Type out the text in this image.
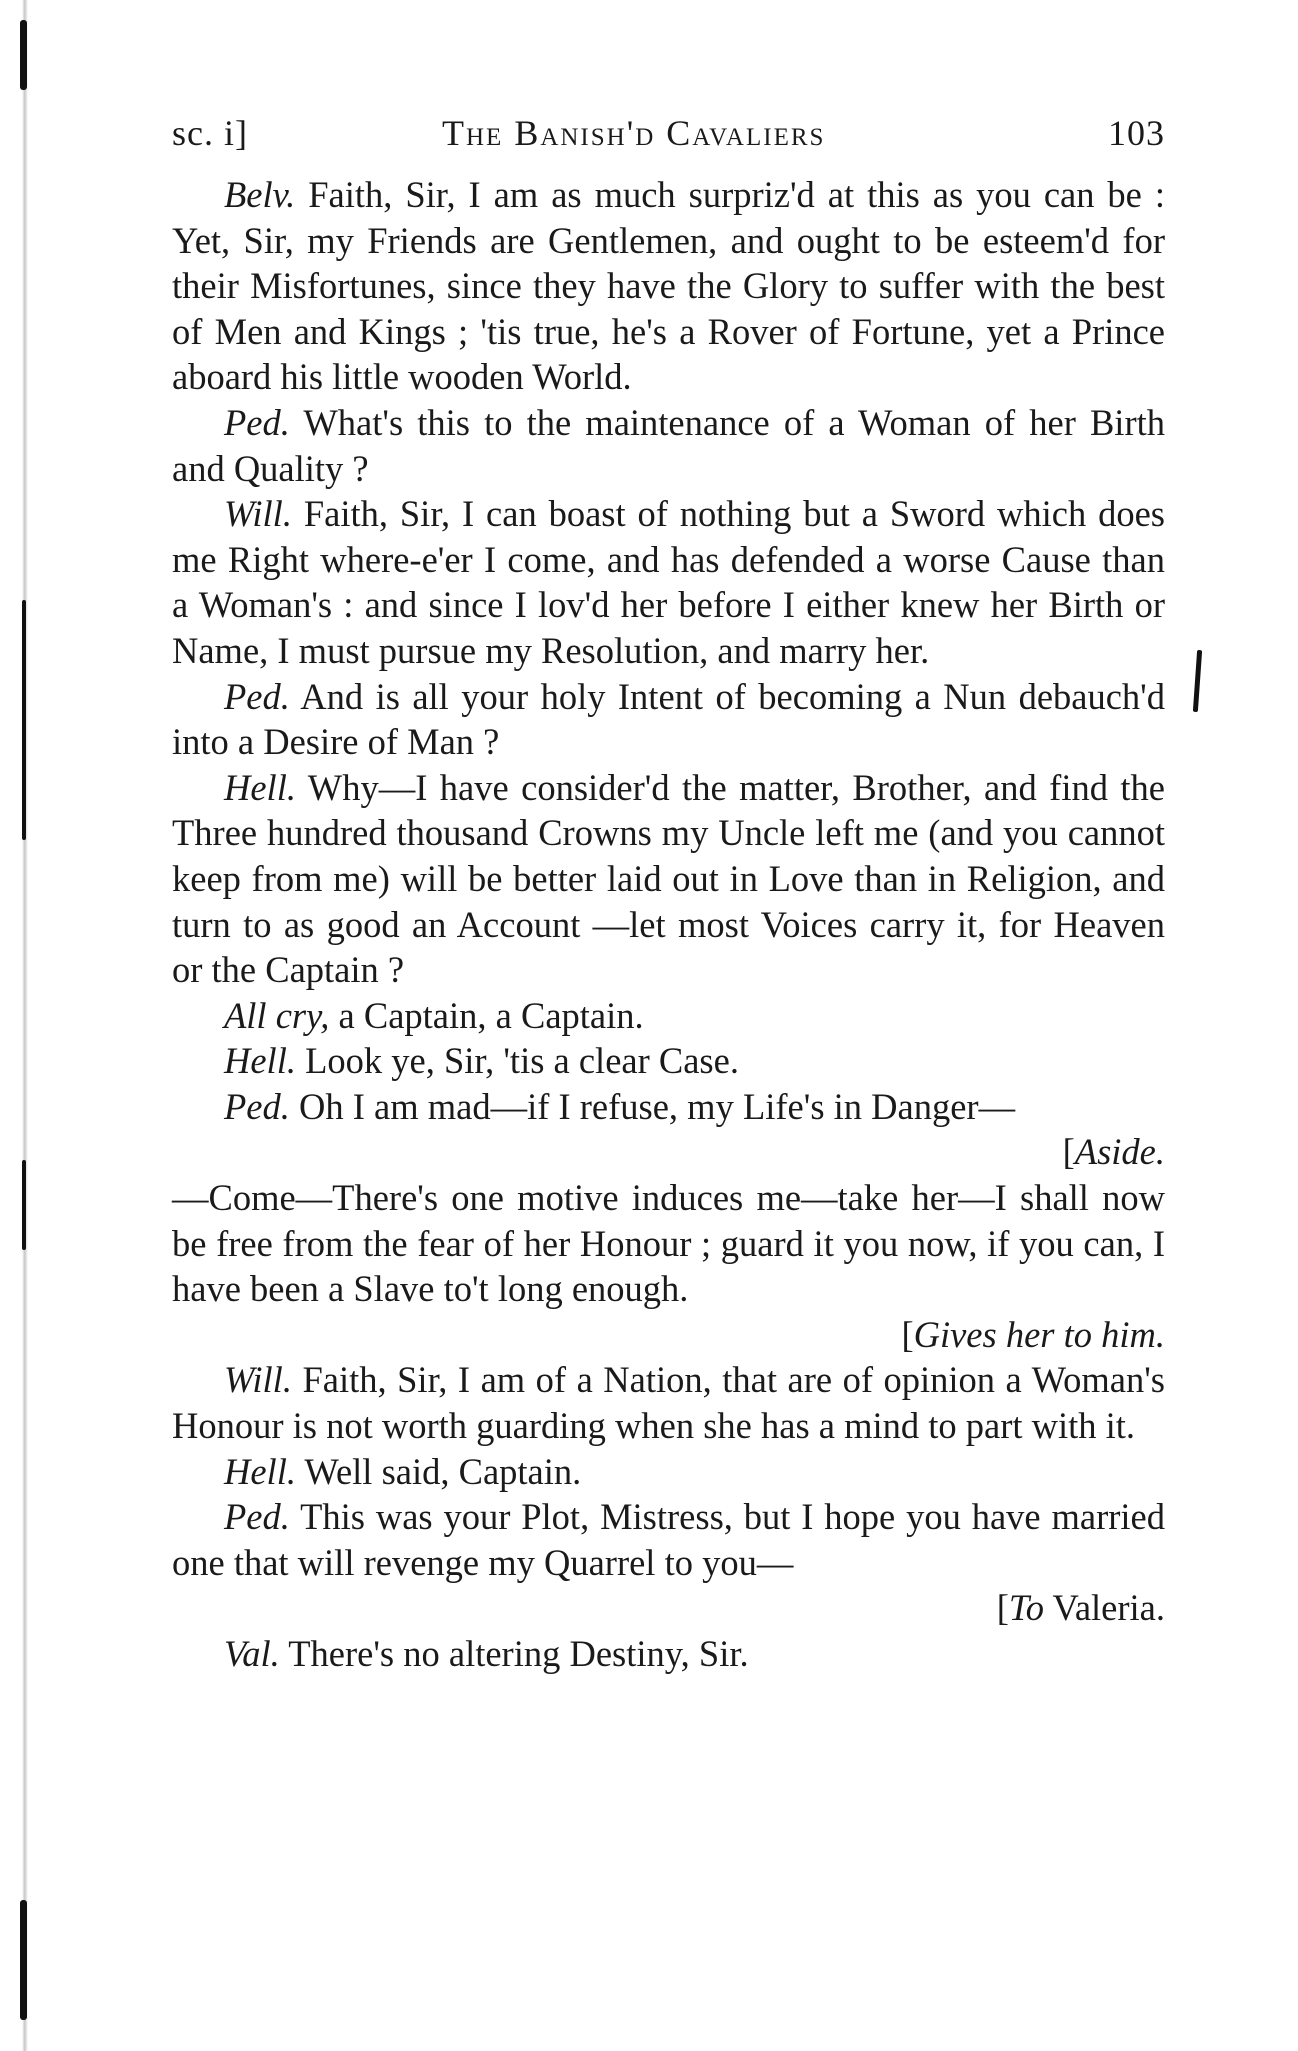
sc. i]	The Banish'd Cavaliers	103

Belv. Faith, Sir, I am as much surpriz'd at this as you can be : Yet, Sir, my Friends are Gentlemen, and ought to be esteem'd for their Misfortunes, since they have the Glory to suffer with the best of Men and Kings ; 'tis true, he's a Rover of Fortune, yet a Prince aboard his little wooden World.

Ped. What's this to the maintenance of a Woman of her Birth and Quality ?

Will. Faith, Sir, I can boast of nothing but a Sword which does me Right where-e'er I come, and has defended a worse Cause than a Woman's : and since I lov'd her before I either knew her Birth or Name, I must pursue my Resolution, and marry her.

Ped. And is all your holy Intent of becoming a Nun debauch'd into a Desire of Man ?

Hell. Why—I have consider'd the matter, Brother, and find the Three hundred thousand Crowns my Uncle left me (and you cannot keep from me) will be better laid out in Love than in Religion, and turn to as good an Account —let most Voices carry it, for Heaven or the Captain ?

All cry, a Captain, a Captain.

Hell. Look ye, Sir, 'tis a clear Case.

Ped. Oh I am mad—if I refuse, my Life's in Danger—

[Aside.

—Come—There's one motive induces me—take her—I shall now be free from the fear of her Honour ; guard it you now, if you can, I have been a Slave to't long enough.

[Gives her to him.

Will. Faith, Sir, I am of a Nation, that are of opinion a Woman's Honour is not worth guarding when she has a mind to part with it.

Hell. Well said, Captain.

Ped. This was your Plot, Mistress, but I hope you have married one that will revenge my Quarrel to you—

[To Valeria.

Val. There's no altering Destiny, Sir.
